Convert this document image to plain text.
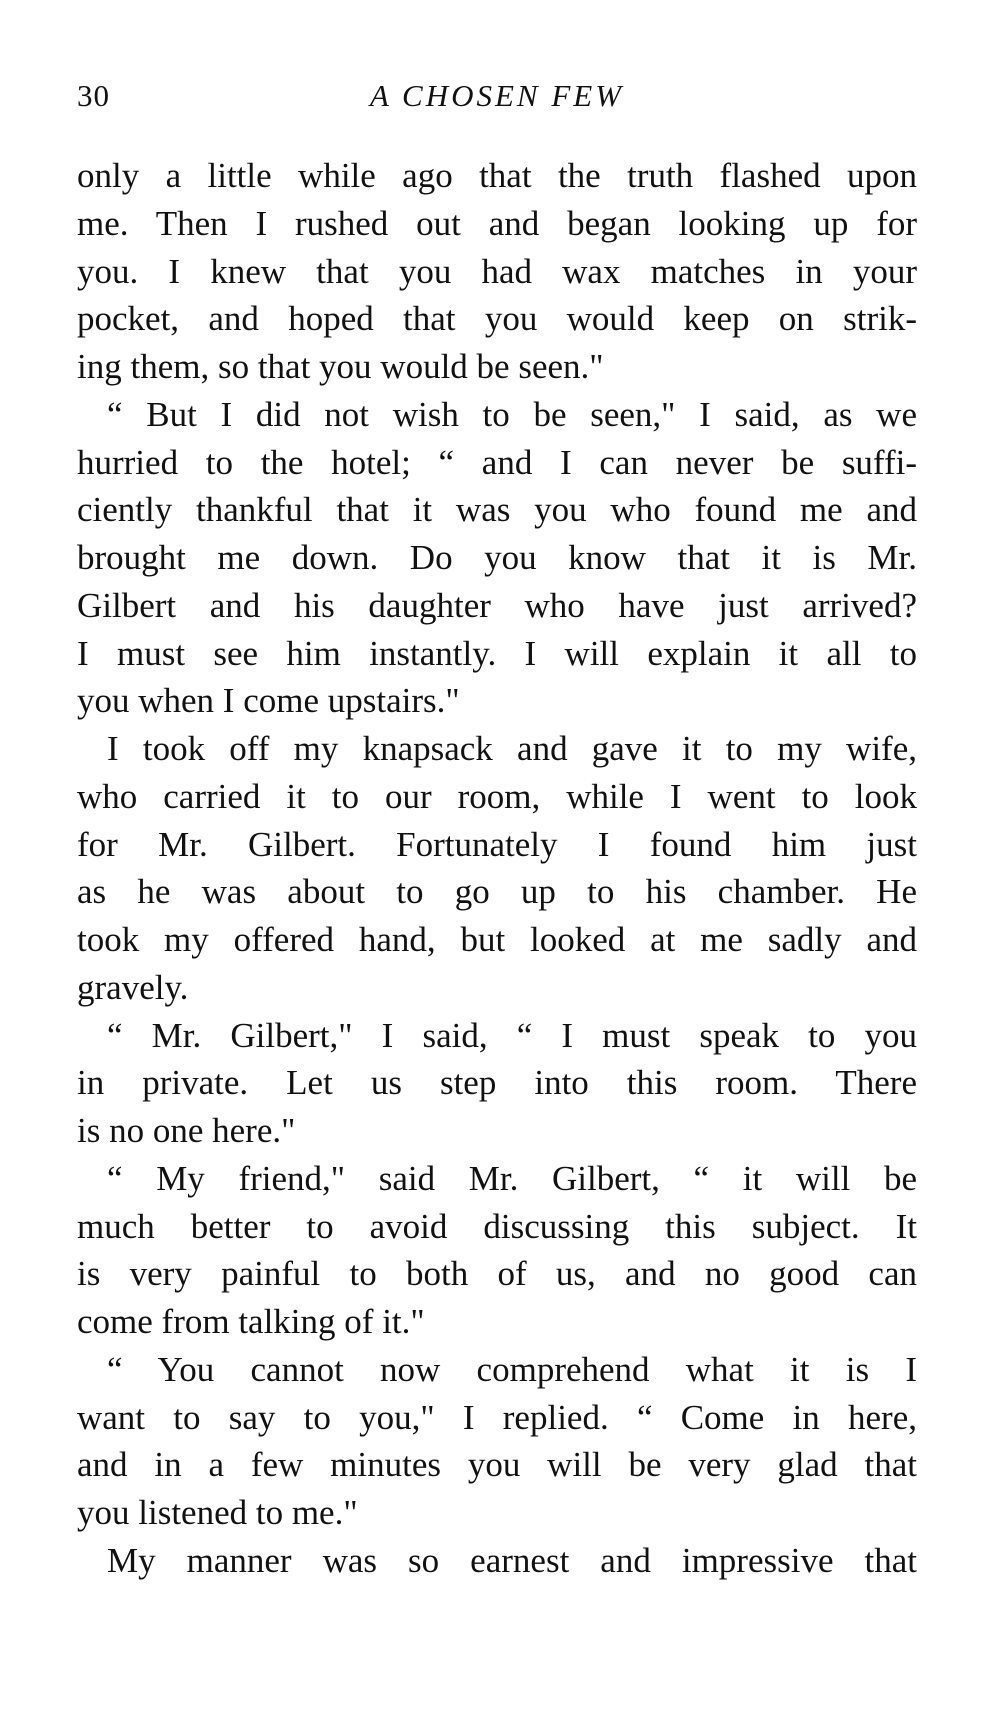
30	A CHOSEN FEW
only a little while ago that the truth flashed upon
me. Then I rushed out and began looking up for
you. I knew that you had wax matches in your
pocket, and hoped that you would keep on strik-
ing them, so that you would be seen."
“ But I did not wish to be seen," I said, as we
hurried to the hotel; “ and I can never be suffi-
ciently thankful that it was you who found me and
brought me down. Do you know that it is Mr.
Gilbert and his daughter who have just arrived?
I must see him instantly. I will explain it all to
you when I come upstairs."
I took off my knapsack and gave it to my wife,
who carried it to our room, while I went to look
for Mr. Gilbert. Fortunately I found him just
as he was about to go up to his chamber. He
took my offered hand, but looked at me sadly and
gravely.
“ Mr. Gilbert," I said, “ I must speak to you
in private. Let us step into this room. There
is no one here."
“ My friend," said Mr. Gilbert, “ it will be
much better to avoid discussing this subject. It
is very painful to both of us, and no good can
come from talking of it."
“ You cannot now comprehend what it is I
want to say to you," I replied. “ Come in here,
and in a few minutes you will be very glad that
you listened to me."
My manner was so earnest and impressive that
